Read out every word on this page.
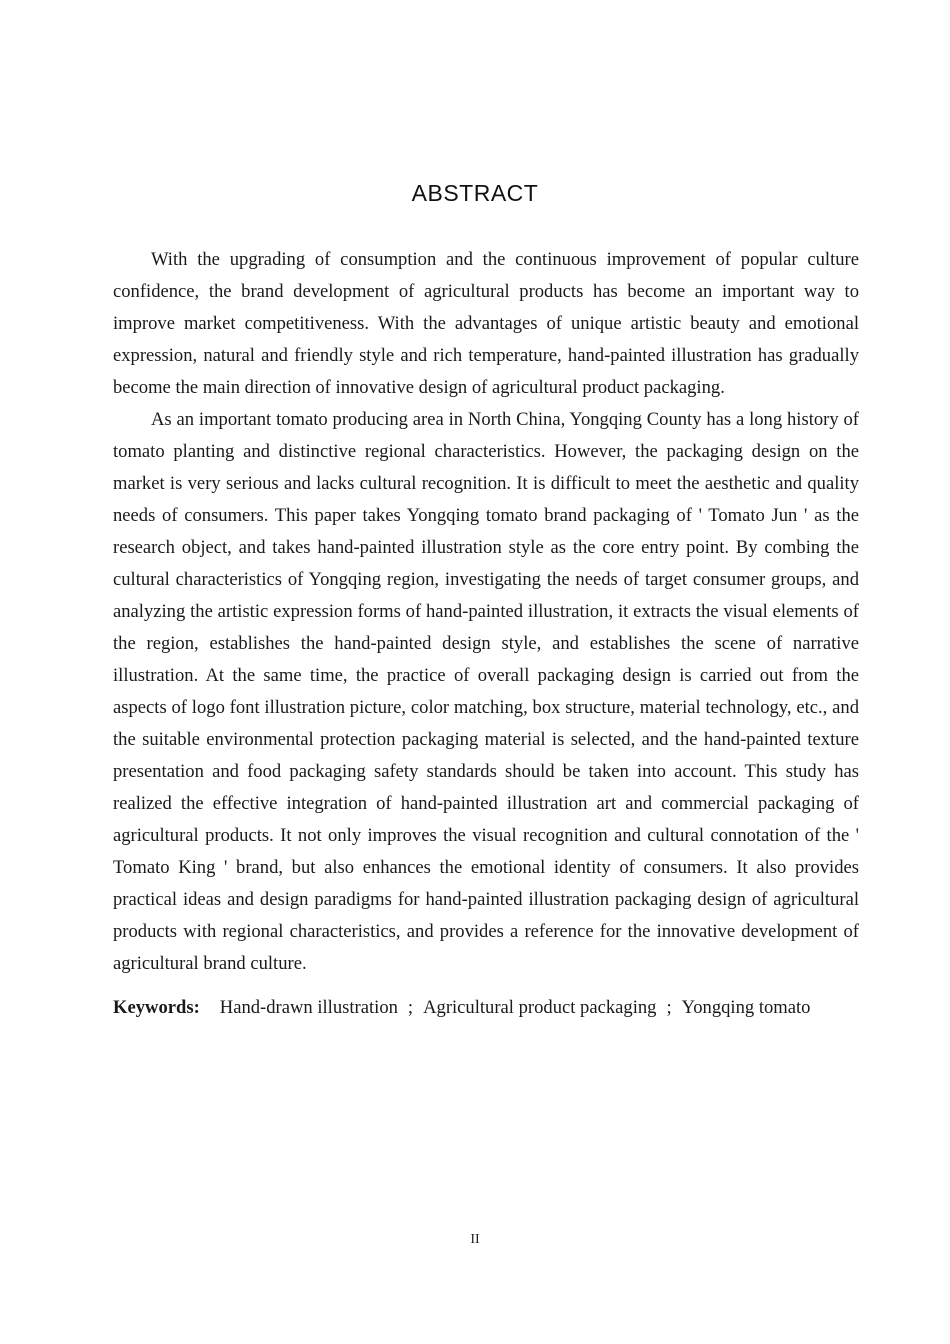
ABSTRACT

With the upgrading of consumption and the continuous improvement of popular culture confidence, the brand development of agricultural products has become an important way to improve market competitiveness. With the advantages of unique artistic beauty and emotional expression, natural and friendly style and rich temperature, hand-painted illustration has gradually become the main direction of innovative design of agricultural product packaging.

As an important tomato producing area in North China, Yongqing County has a long history of tomato planting and distinctive regional characteristics. However, the packaging design on the market is very serious and lacks cultural recognition. It is difficult to meet the aesthetic and quality needs of consumers. This paper takes Yongqing tomato brand packaging of ' Tomato Jun ' as the research object, and takes hand-painted illustration style as the core entry point. By combing the cultural characteristics of Yongqing region, investigating the needs of target consumer groups, and analyzing the artistic expression forms of hand-painted illustration, it extracts the visual elements of the region, establishes the hand-painted design style, and establishes the scene of narrative illustration. At the same time, the practice of overall packaging design is carried out from the aspects of logo font illustration picture, color matching, box structure, material technology, etc., and the suitable environmental protection packaging material is selected, and the hand-painted texture presentation and food packaging safety standards should be taken into account. This study has realized the effective integration of hand-painted illustration art and commercial packaging of agricultural products. It not only improves the visual recognition and cultural connotation of the ' Tomato King ' brand, but also enhances the emotional identity of consumers. It also provides practical ideas and design paradigms for hand-painted illustration packaging design of agricultural products with regional characteristics, and provides a reference for the innovative development of agricultural brand culture.

Keywords: Hand-drawn illustration ; Agricultural product packaging ; Yongqing tomato
II
